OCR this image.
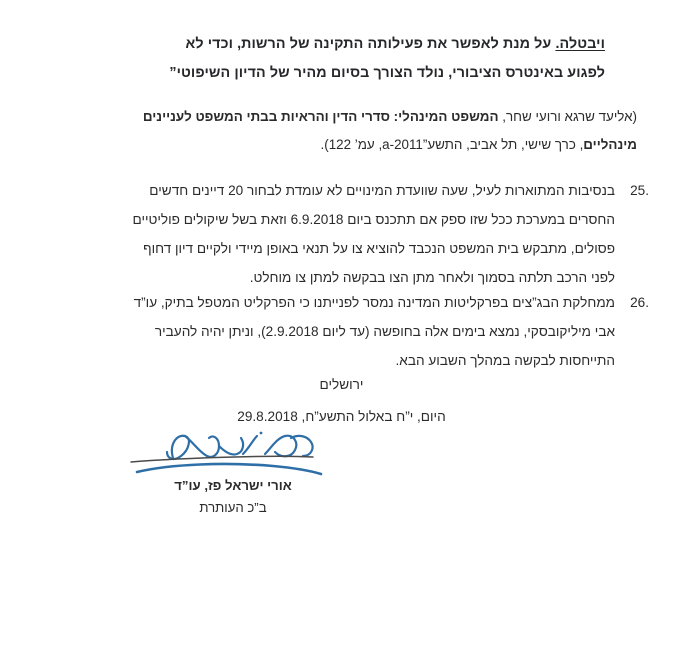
ויבטלה. על מנת לאפשר את פעילותה התקינה של הרשות, וכדי לא
לפגוע באינטרס הציבורי, נולד הצורך בסיום מהיר של הדיון השיפוטי”
(אליעד שרגא ורועי שחר, המשפט המינהלי: סדרי הדין והראיות בבתי המשפט לעניינים
מינהליים, כרך שישי, תל אביב, התשע”a-2011, עמ’ 122).
25.
בנסיבות המתוארות לעיל, שעה שוועדת המינויים לא עומדת לבחור 20 דיינים חדשים
החסרים במערכת ככל שזו ספק אם תתכנס ביום 6.9.2018 וזאת בשל שיקולים פוליטיים
פסולים, מתבקש בית המשפט הנכבד להוציא צו על תנאי באופן מיידי ולקיים דיון דחוף
לפני הרכב תלתה בסמוך ולאחר מתן הצו בבקשה למתן צו מוחלט.
26.
ממחלקת הבג”צים בפרקליטות המדינה נמסר לפנייתנו כי הפרקליט המטפל בתיק, עו”ד
אבי מיליקובסקי, נמצא בימים אלה בחופשה (עד ליום 2.9.2018), וניתן יהיה להעביר
התייחסות לבקשה במהלך השבוע הבא.
ירושלים
היום, י”ח באלול התשע”ח, 29.8.2018
אורי ישראל פז, עו”ד
ב”כ העותרת
